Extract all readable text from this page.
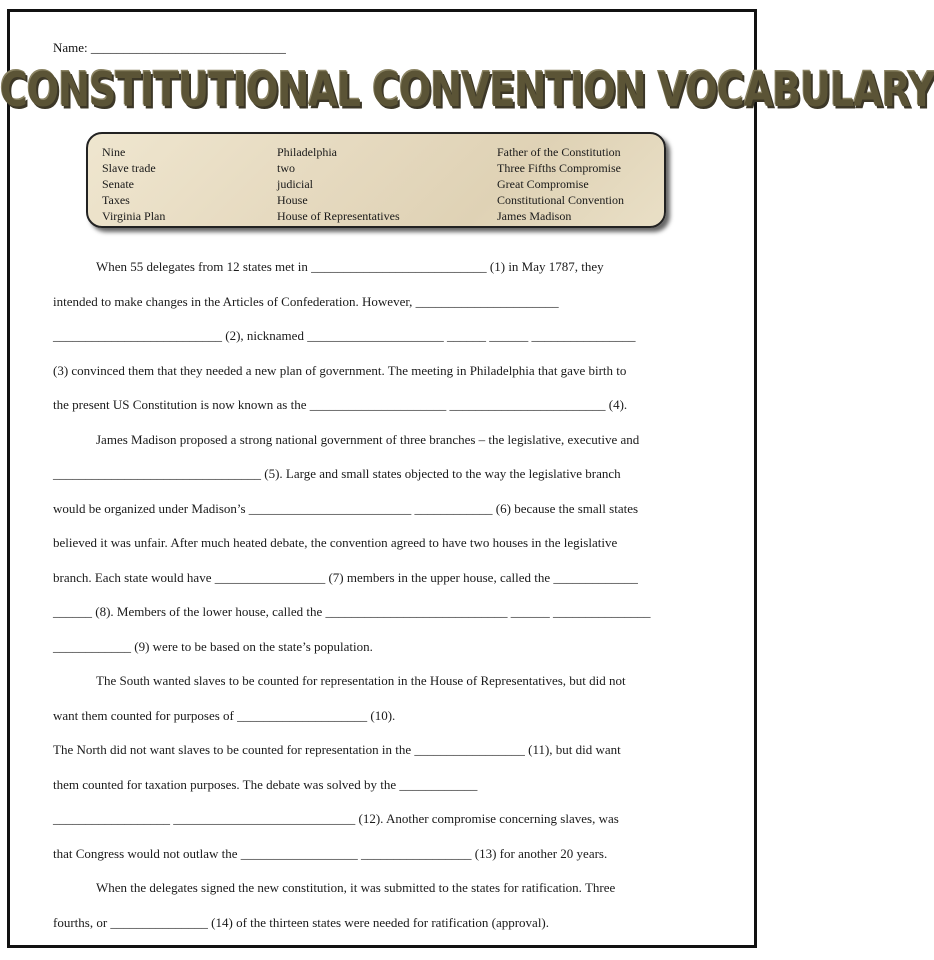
Name: ______________________________
CONSTITUTIONAL CONVENTION VOCABULARY
Nine
Slave trade
Senate
Taxes
Virginia Plan
Philadelphia
two
judicial
House
House of Representatives
Father of the Constitution
Three Fifths Compromise
Great Compromise
Constitutional Convention
James Madison
When 55 delegates from 12 states met in ___________________________ (1) in May 1787, they
intended to make changes in the Articles of Confederation. However, ______________________
__________________________ (2), nicknamed _____________________ ______ ______ ________________
(3) convinced them that they needed a new plan of government. The meeting in Philadelphia that gave birth to
the present US Constitution is now known as the _____________________ ________________________ (4).
James Madison proposed a strong national government of three branches – the legislative, executive and
________________________________ (5). Large and small states objected to the way the legislative branch
would be organized under Madison’s _________________________ ____________ (6) because the small states
believed it was unfair. After much heated debate, the convention agreed to have two houses in the legislative
branch. Each state would have _________________ (7) members in the upper house, called the _____________
______ (8). Members of the lower house, called the ____________________________ ______ _______________
____________ (9) were to be based on the state’s population.
The South wanted slaves to be counted for representation in the House of Representatives, but did not
want them counted for purposes of ____________________ (10).
The North did not want slaves to be counted for representation in the _________________ (11), but did want
them counted for taxation purposes. The debate was solved by the ____________
__________________ ____________________________ (12). Another compromise concerning slaves, was
that Congress would not outlaw the __________________ _________________ (13) for another 20 years.
When the delegates signed the new constitution, it was submitted to the states for ratification. Three
fourths, or _______________ (14) of the thirteen states were needed for ratification (approval).
